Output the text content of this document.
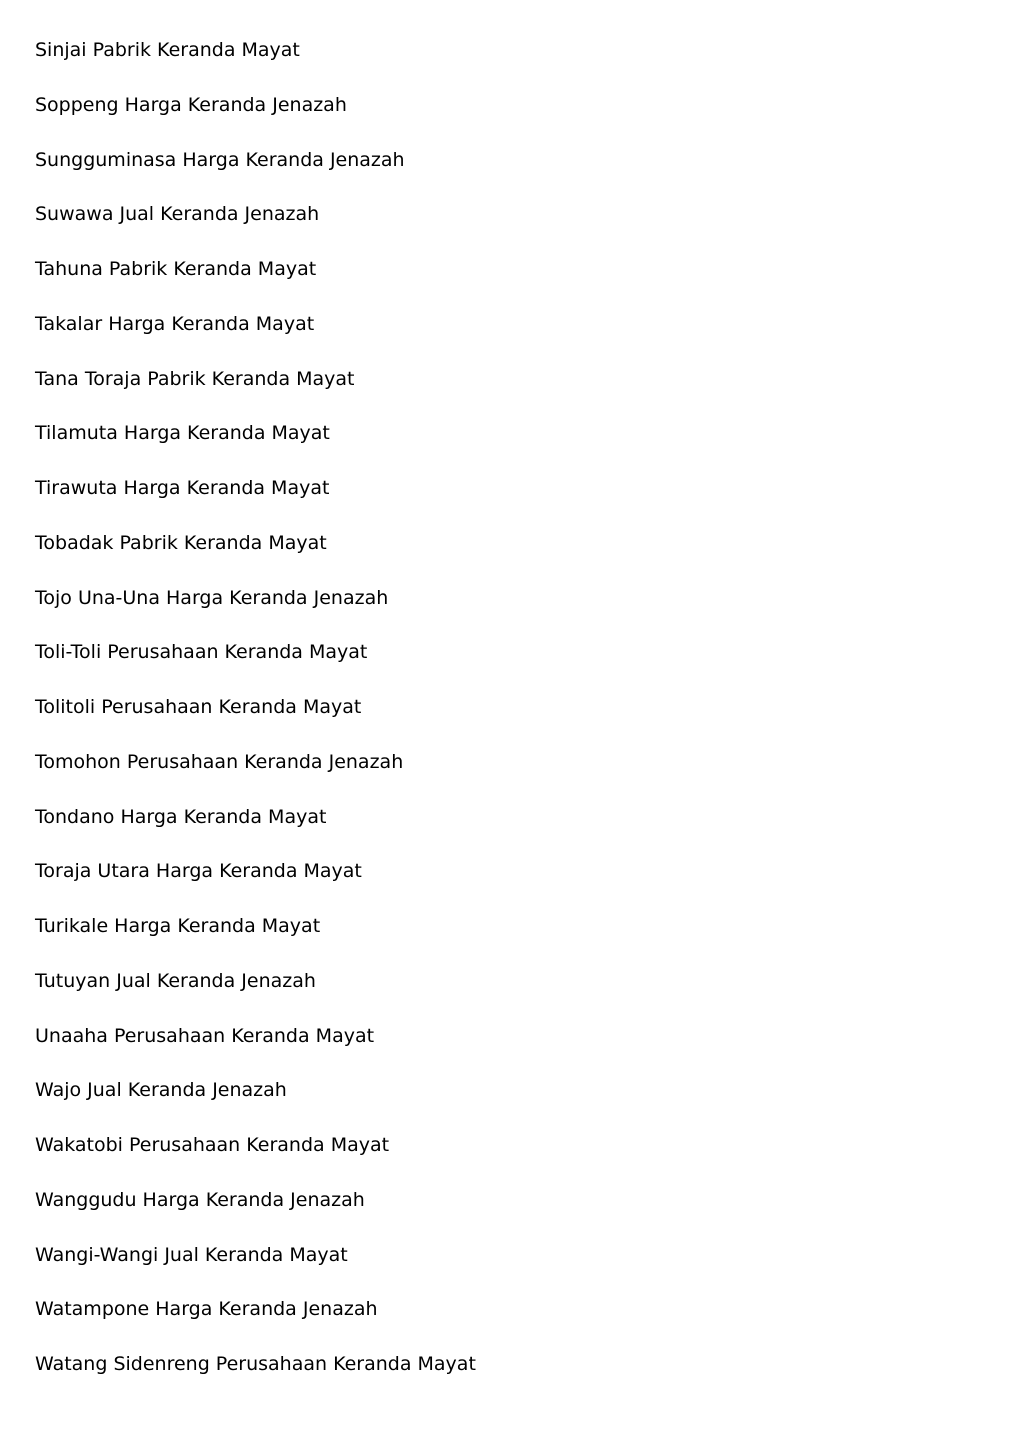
Sinjai Pabrik Keranda Mayat
Soppeng Harga Keranda Jenazah
Sungguminasa Harga Keranda Jenazah
Suwawa Jual Keranda Jenazah
Tahuna Pabrik Keranda Mayat
Takalar Harga Keranda Mayat
Tana Toraja Pabrik Keranda Mayat
Tilamuta Harga Keranda Mayat
Tirawuta Harga Keranda Mayat
Tobadak Pabrik Keranda Mayat
Tojo Una-Una Harga Keranda Jenazah
Toli-Toli Perusahaan Keranda Mayat
Tolitoli Perusahaan Keranda Mayat
Tomohon Perusahaan Keranda Jenazah
Tondano Harga Keranda Mayat
Toraja Utara Harga Keranda Mayat
Turikale Harga Keranda Mayat
Tutuyan Jual Keranda Jenazah
Unaaha Perusahaan Keranda Mayat
Wajo Jual Keranda Jenazah
Wakatobi Perusahaan Keranda Mayat
Wanggudu Harga Keranda Jenazah
Wangi-Wangi Jual Keranda Mayat
Watampone Harga Keranda Jenazah
Watang Sidenreng Perusahaan Keranda Mayat
